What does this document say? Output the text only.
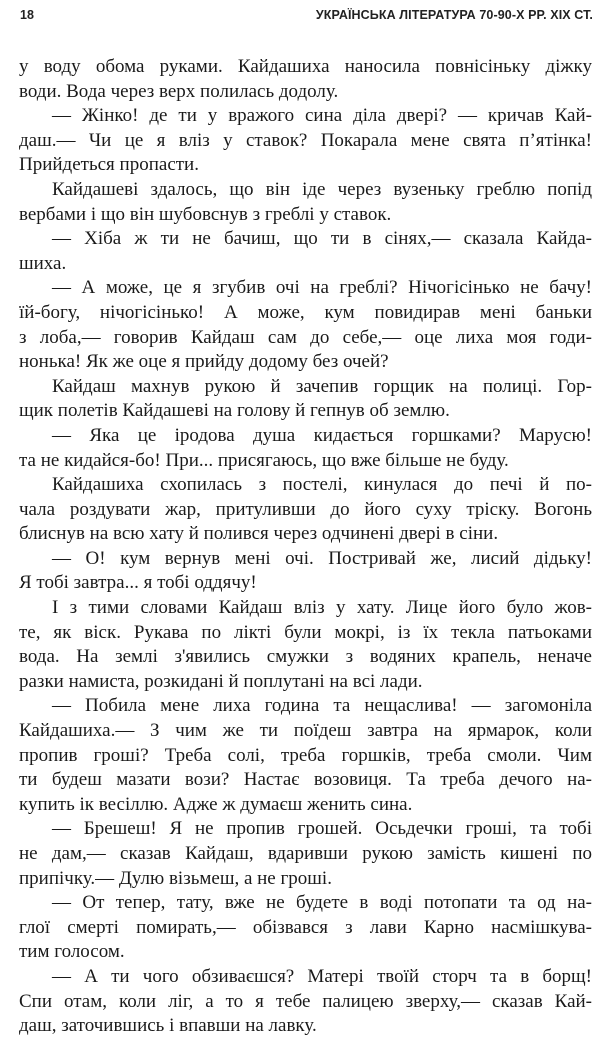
18	УКРАЇНСЬКА ЛІТЕРАТУРА 70-90-Х РР. XIX СТ.
у воду обома руками. Кайдашиха наносила повнісіньку діжку
води. Вода через верх полилась додолу.
— Жінко! де ти у вражого сина діла двері? — кричав Кай-
даш.— Чи це я вліз у ставок? Покарала мене свята п’ятінка!
Прийдеться пропасти.
Кайдашеві здалось, що він іде через вузеньку греблю попід
вербами і що він шубовснув з греблі у ставок.
— Хіба ж ти не бачиш, що ти в сінях,— сказала Кайда-
шиха.
— А може, це я згубив очі на греблі? Нічогісінько не бачу!
їй-богу, нічогісінько! А може, кум повидирав мені баньки
з лоба,— говорив Кайдаш сам до себе,— оце лиха моя годи-
нонька! Як же оце я прийду додому без очей?
Кайдаш махнув рукою й зачепив горщик на полиці. Гор-
щик полетів Кайдашеві на голову й гепнув об землю.
— Яка це іродова душа кидається горшками? Марусю!
та не кидайся-бо! При... присягаюсь, що вже більше не буду.
Кайдашиха схопилась з постелі, кинулася до печі й по-
чала роздувати жар, притуливши до його суху тріску. Вогонь
блиснув на всю хату й полився через одчинені двері в сіни.
— О! кум вернув мені очі. Постривай же, лисий дідьку!
Я тобі завтра... я тобі оддячу!
І з тими словами Кайдаш вліз у хату. Лице його було жов-
те, як віск. Рукава по лікті були мокрі, із їх текла патьоками
вода. На землі з'явились смужки з водяних крапель, неначе
разки намиста, розкидані й поплутані на всі лади.
— Побила мене лиха година та нещаслива! — загомоніла
Кайдашиха.— З чим же ти поїдеш завтра на ярмарок, коли
пропив гроші? Треба солі, треба горшків, треба смоли. Чим
ти будеш мазати вози? Настає возовиця. Та треба дечого на-
купить ік весіллю. Адже ж думаєш женить сина.
— Брешеш! Я не пропив грошей. Осьдечки гроші, та тобі
не дам,— сказав Кайдаш, вдаривши рукою замість кишені по
припічку.— Дулю візьмеш, а не гроші.
— От тепер, тату, вже не будете в воді потопати та од на-
глої смерті помирать,— обізвався з лави Карно насмішкува-
тим голосом.
— А ти чого обзиваєшся? Матері твоїй сторч та в борщ!
Спи отам, коли ліг, а то я тебе палицею зверху,— сказав Кай-
даш, заточившись і впавши на лавку.
